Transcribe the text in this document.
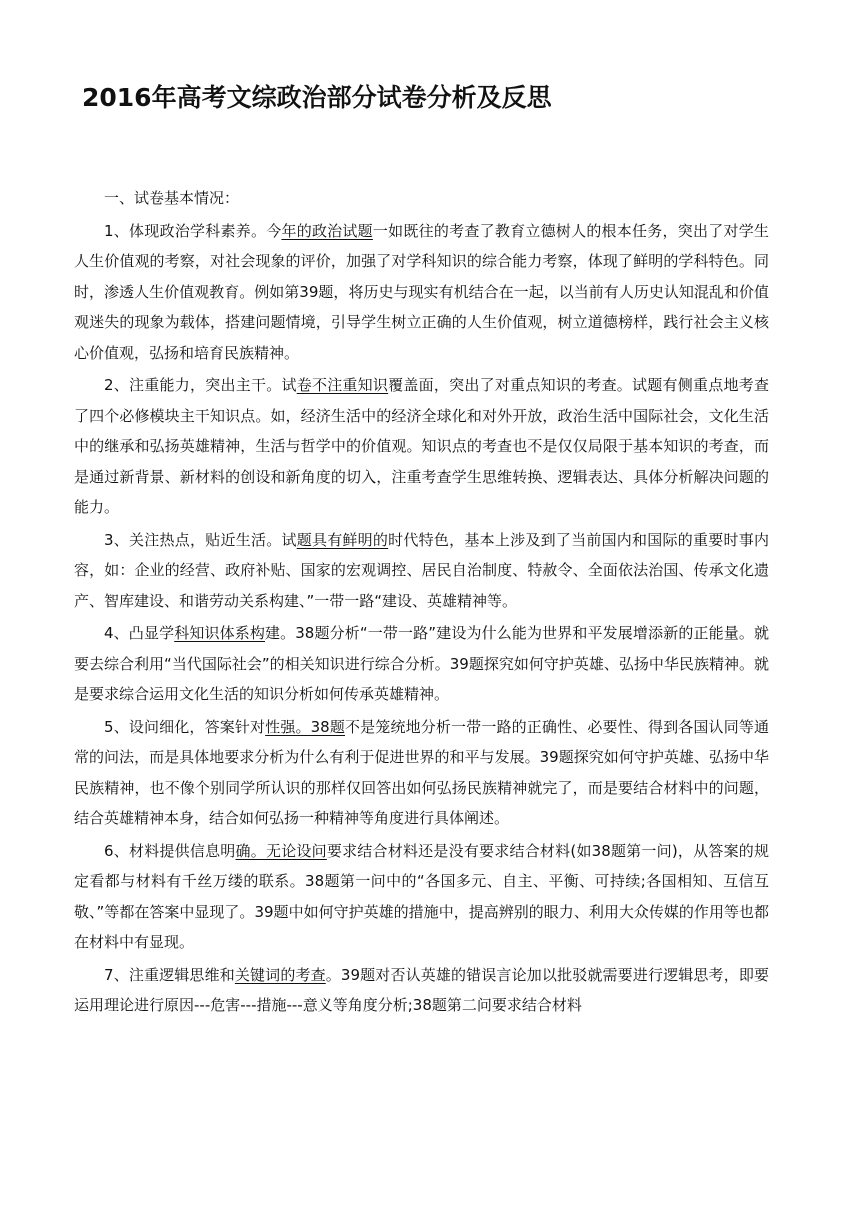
2016年高考文综政治部分试卷分析及反思

一、试卷基本情况：

1、体现政治学科素养。今年的政治试题一如既往的考查了教育立德树人的根本任务，突出了对学生人生价值观的考察，对社会现象的评价，加强了对学科知识的综合能力考察，体现了鲜明的学科特色。同时，渗透人生价值观教育。例如第39题，将历史与现实有机结合在一起，以当前有人历史认知混乱和价值观迷失的现象为载体，搭建问题情境，引导学生树立正确的人生价值观，树立道德榜样，践行社会主义核心价值观，弘扬和培育民族精神。

2、注重能力，突出主干。试卷不注重知识覆盖面，突出了对重点知识的考查。试题有侧重点地考查了四个必修模块主干知识点。如，经济生活中的经济全球化和对外开放，政治生活中国际社会，文化生活中的继承和弘扬英雄精神，生活与哲学中的价值观。知识点的考查也不是仅仅局限于基本知识的考查，而是通过新背景、新材料的创设和新角度的切入，注重考查学生思维转换、逻辑表达、具体分析解决问题的能力。

3、关注热点，贴近生活。试题具有鲜明的时代特色，基本上涉及到了当前国内和国际的重要时事内容，如：企业的经营、政府补贴、国家的宏观调控、居民自治制度、特赦令、全面依法治国、传承文化遗产、智库建设、和谐劳动关系构建、”一带一路“建设、英雄精神等。

4、凸显学科知识体系构建。38题分析“一带一路”建设为什么能为世界和平发展增添新的正能量。就要去综合利用“当代国际社会”的相关知识进行综合分析。39题探究如何守护英雄、弘扬中华民族精神。就是要求综合运用文化生活的知识分析如何传承英雄精神。

5、设问细化，答案针对性强。38题不是笼统地分析一带一路的正确性、必要性、得到各国认同等通常的问法，而是具体地要求分析为什么有利于促进世界的和平与发展。39题探究如何守护英雄、弘扬中华民族精神，也不像个别同学所认识的那样仅回答出如何弘扬民族精神就完了，而是要结合材料中的问题，结合英雄精神本身，结合如何弘扬一种精神等角度进行具体阐述。

6、材料提供信息明确。无论设问要求结合材料还是没有要求结合材料(如38题第一问)，从答案的规定看都与材料有千丝万缕的联系。38题第一问中的“各国多元、自主、平衡、可持续;各国相知、互信互敬、”等都在答案中显现了。39题中如何守护英雄的措施中，提高辨别的眼力、利用大众传媒的作用等也都在材料中有显现。

7、注重逻辑思维和关键词的考查。39题对否认英雄的错误言论加以批驳就需要进行逻辑思考，即要运用理论进行原因---危害---措施---意义等角度分析;38题第二问要求结合材料
